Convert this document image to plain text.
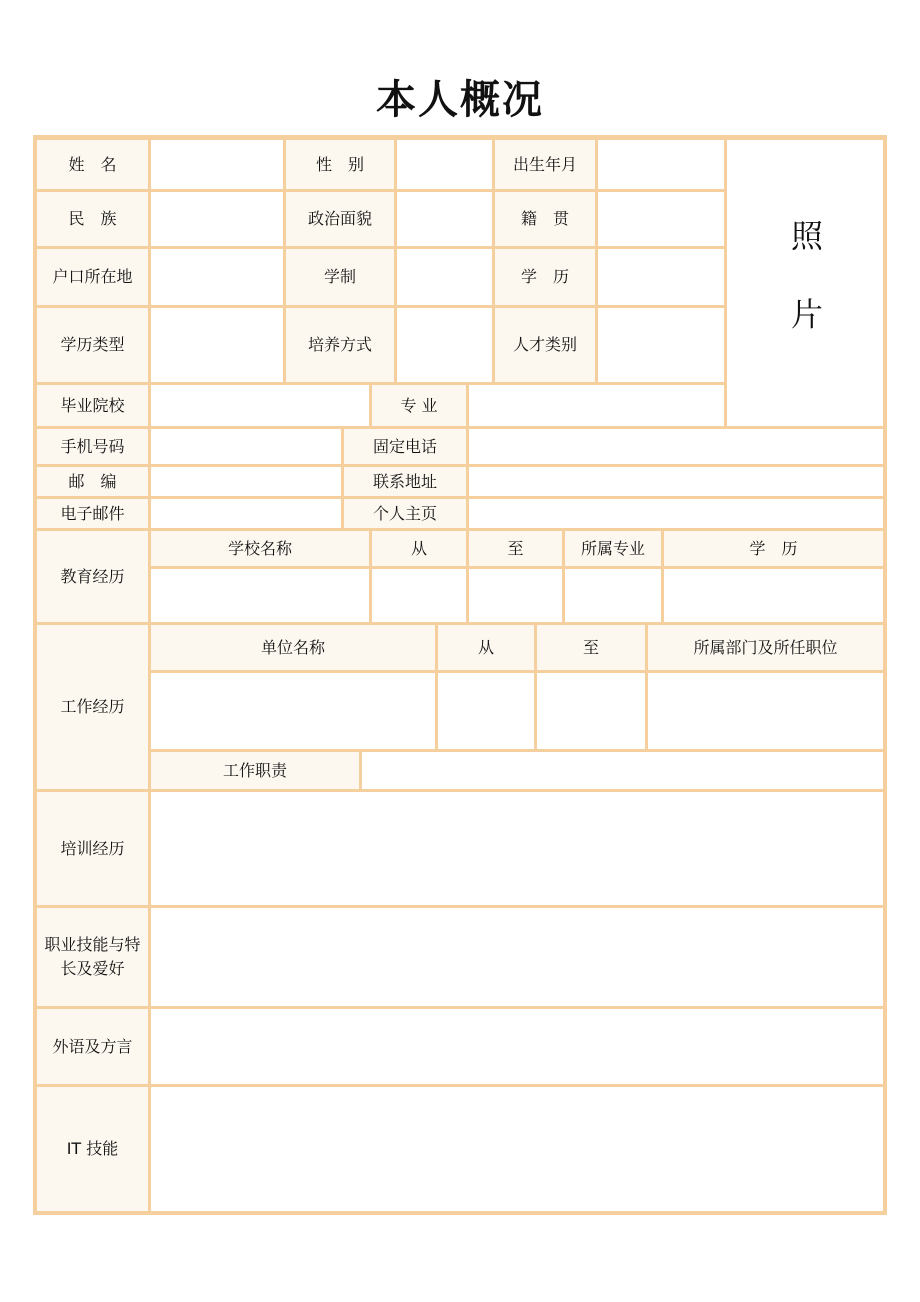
本人概况
姓　名	性　别	出生年月
照 片
民　族	政治面貌	籍　贯
户口所在地	学制	学　历
学历类型	培养方式	人才类别
毕业院校	专 业
手机号码	固定电话
邮　编	联系地址
电子邮件	个人主页
教育经历
学校名称	从	至	所属专业	学　历
工作经历
单位名称	从	至	所属部门及所任职位
工作职责
培训经历
职业技能与特长及爱好
外语及方言
IT 技能
